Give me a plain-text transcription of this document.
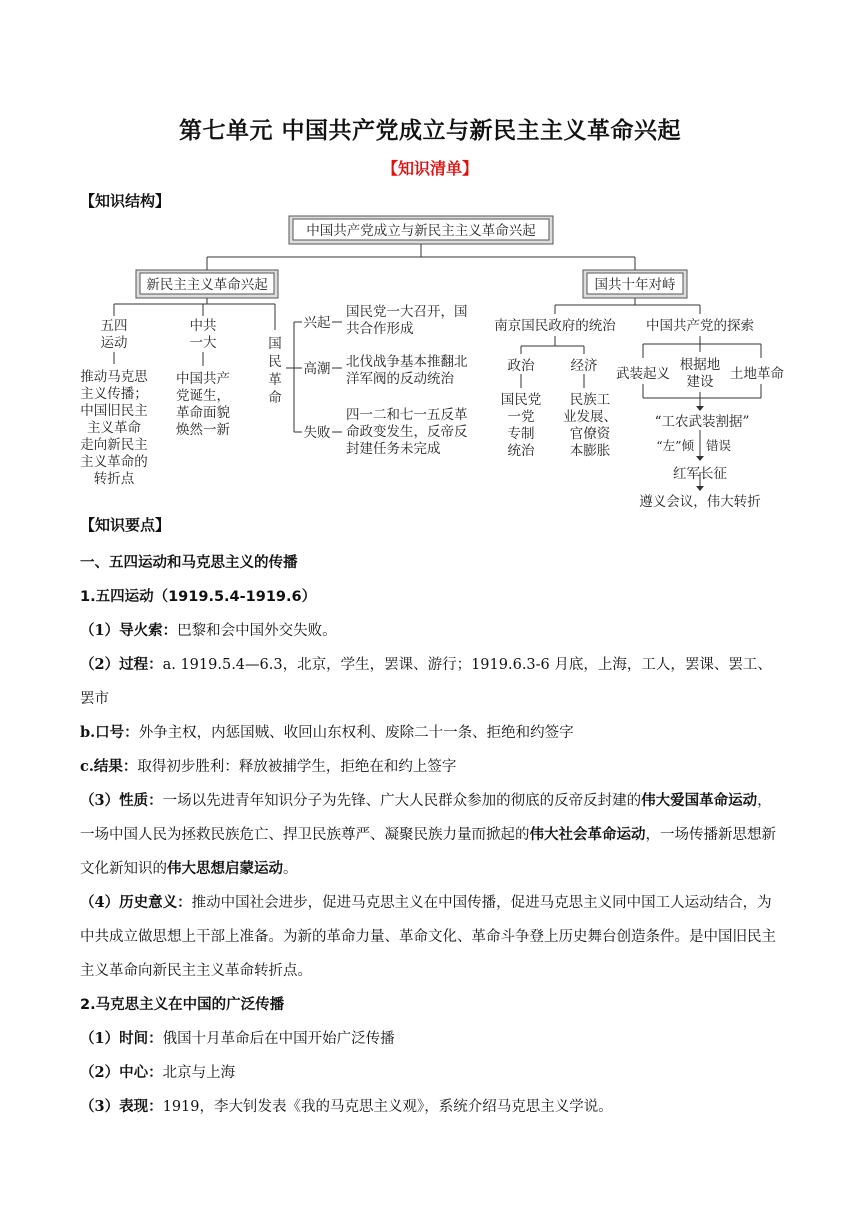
第七单元 中国共产党成立与新民主主义革命兴起
【知识清单】
【知识结构】
中国共产党成立与新民主主义革命兴起
新民主主义革命兴起	国共十年对峙
五四
运动
推动马克思
主义传播；
中国旧民主
主义革命
走向新民主
主义革命的
转折点
中共
一大
中国共产
党诞生，
革命面貌
焕然一新
国
民
革
命
兴起
国民党一大召开，国
共合作形成
高潮 北伐战争基本推翻北
洋军阀的反动统治
失败
四一二和七一五反革
命政变发生，反帝反
封建任务未完成
南京国民政府的统治
政治
国民党
一党
专制
统治
经济
民族工
业发展、
官僚资
本膨胀
中国共产党的探索
武装起义
根据地
建设 土地革命
“工农武装割据”
“左”倾 错误
红军长征
遵义会议，伟大转折
【知识要点】

一、五四运动和马克思主义的传播

1.五四运动（1919.5.4-1919.6）

（1）导火索：巴黎和会中国外交失败。

（2）过程：a. 1919.5.4—6.3，北京，学生，罢课、游行；1919.6.3-6 月底，上海，工人，罢课、罢工、罢市

b.口号：外争主权，内惩国贼、收回山东权利、废除二十一条、拒绝和约签字

c.结果：取得初步胜利：释放被捕学生，拒绝在和约上签字

（3）性质：一场以先进青年知识分子为先锋、广大人民群众参加的彻底的反帝反封建的伟大爱国革命运动，一场中国人民为拯救民族危亡、捍卫民族尊严、凝聚民族力量而掀起的伟大社会革命运动，一场传播新思想新文化新知识的伟大思想启蒙运动。

（4）历史意义：推动中国社会进步，促进马克思主义在中国传播，促进马克思主义同中国工人运动结合，为中共成立做思想上干部上准备。为新的革命力量、革命文化、革命斗争登上历史舞台创造条件。是中国旧民主主义革命向新民主主义革命转折点。

2.马克思主义在中国的广泛传播

（1）时间：俄国十月革命后在中国开始广泛传播

（2）中心：北京与上海

（3）表现：1919，李大钊发表《我的马克思主义观》，系统介绍马克思主义学说。
